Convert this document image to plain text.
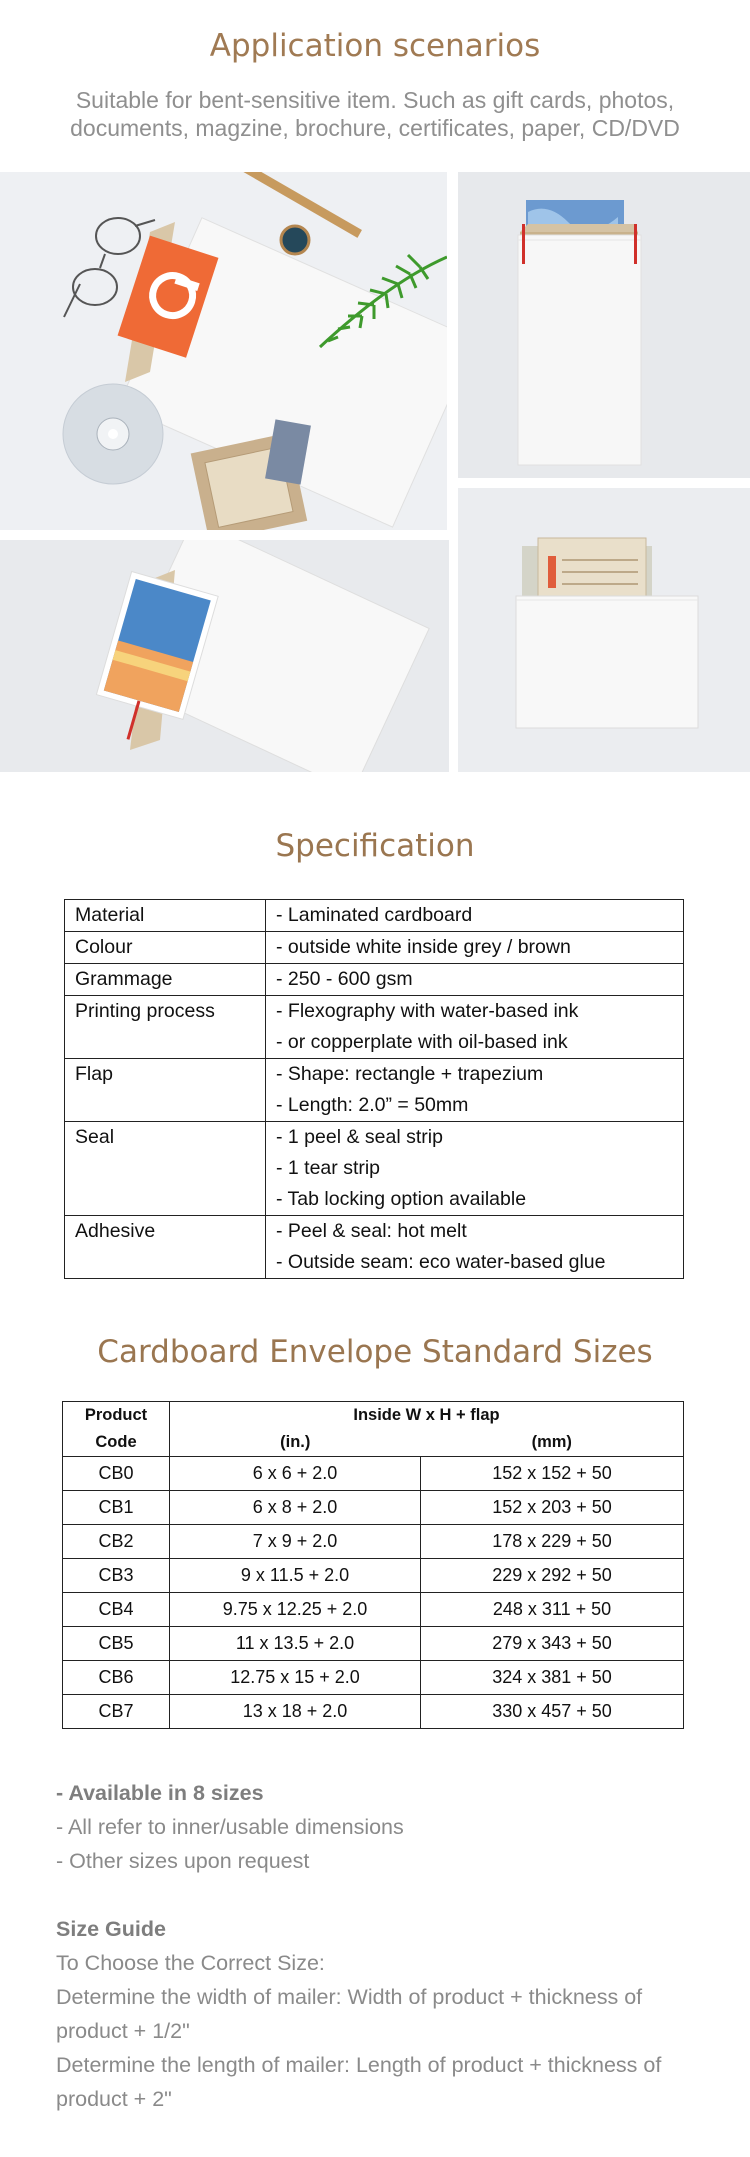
Application scenarios
Suitable for bent-sensitive item. Such as gift cards, photos,
documents, magzine, brochure, certificates, paper, CD/DVD
Specification
Material	- Laminated cardboard

Colour	- outside white inside grey / brown

Grammage	- 250 - 600 gsm

Printing process	- Flexography with water-based ink
- or copperplate with oil-based ink

Flap	- Shape: rectangle + trapezium
- Length: 2.0” = 50mm

Seal	- 1 peel & seal strip
- 1 tear strip
- Tab locking option available

Adhesive	- Peel & seal: hot melt
- Outside seam: eco water-based glue
Cardboard Envelope Standard Sizes
Product
Code	Inside W x H + flap	
	(in.)	(mm)
CB0	6 x 6 + 2.0	152 x 152 + 50
CB1	6 x 8 + 2.0	152 x 203 + 50
CB2	7 x 9 + 2.0	178 x 229 + 50
CB3	9 x 11.5 + 2.0	229 x 292 + 50
CB4	9.75 x 12.25 + 2.0	248 x 311 + 50
CB5	11 x 13.5 + 2.0	279 x 343 + 50
CB6	12.75 x 15 + 2.0	324 x 381 + 50
CB7	13 x 18 + 2.0	330 x 457 + 50
- Available in 8 sizes
- All refer to inner/usable dimensions
- Other sizes upon request
Size Guide
To Choose the Correct Size:
Determine the width of mailer: Width of product + thickness of product + 1/2"
Determine the length of mailer: Length of product + thickness of product + 2"
